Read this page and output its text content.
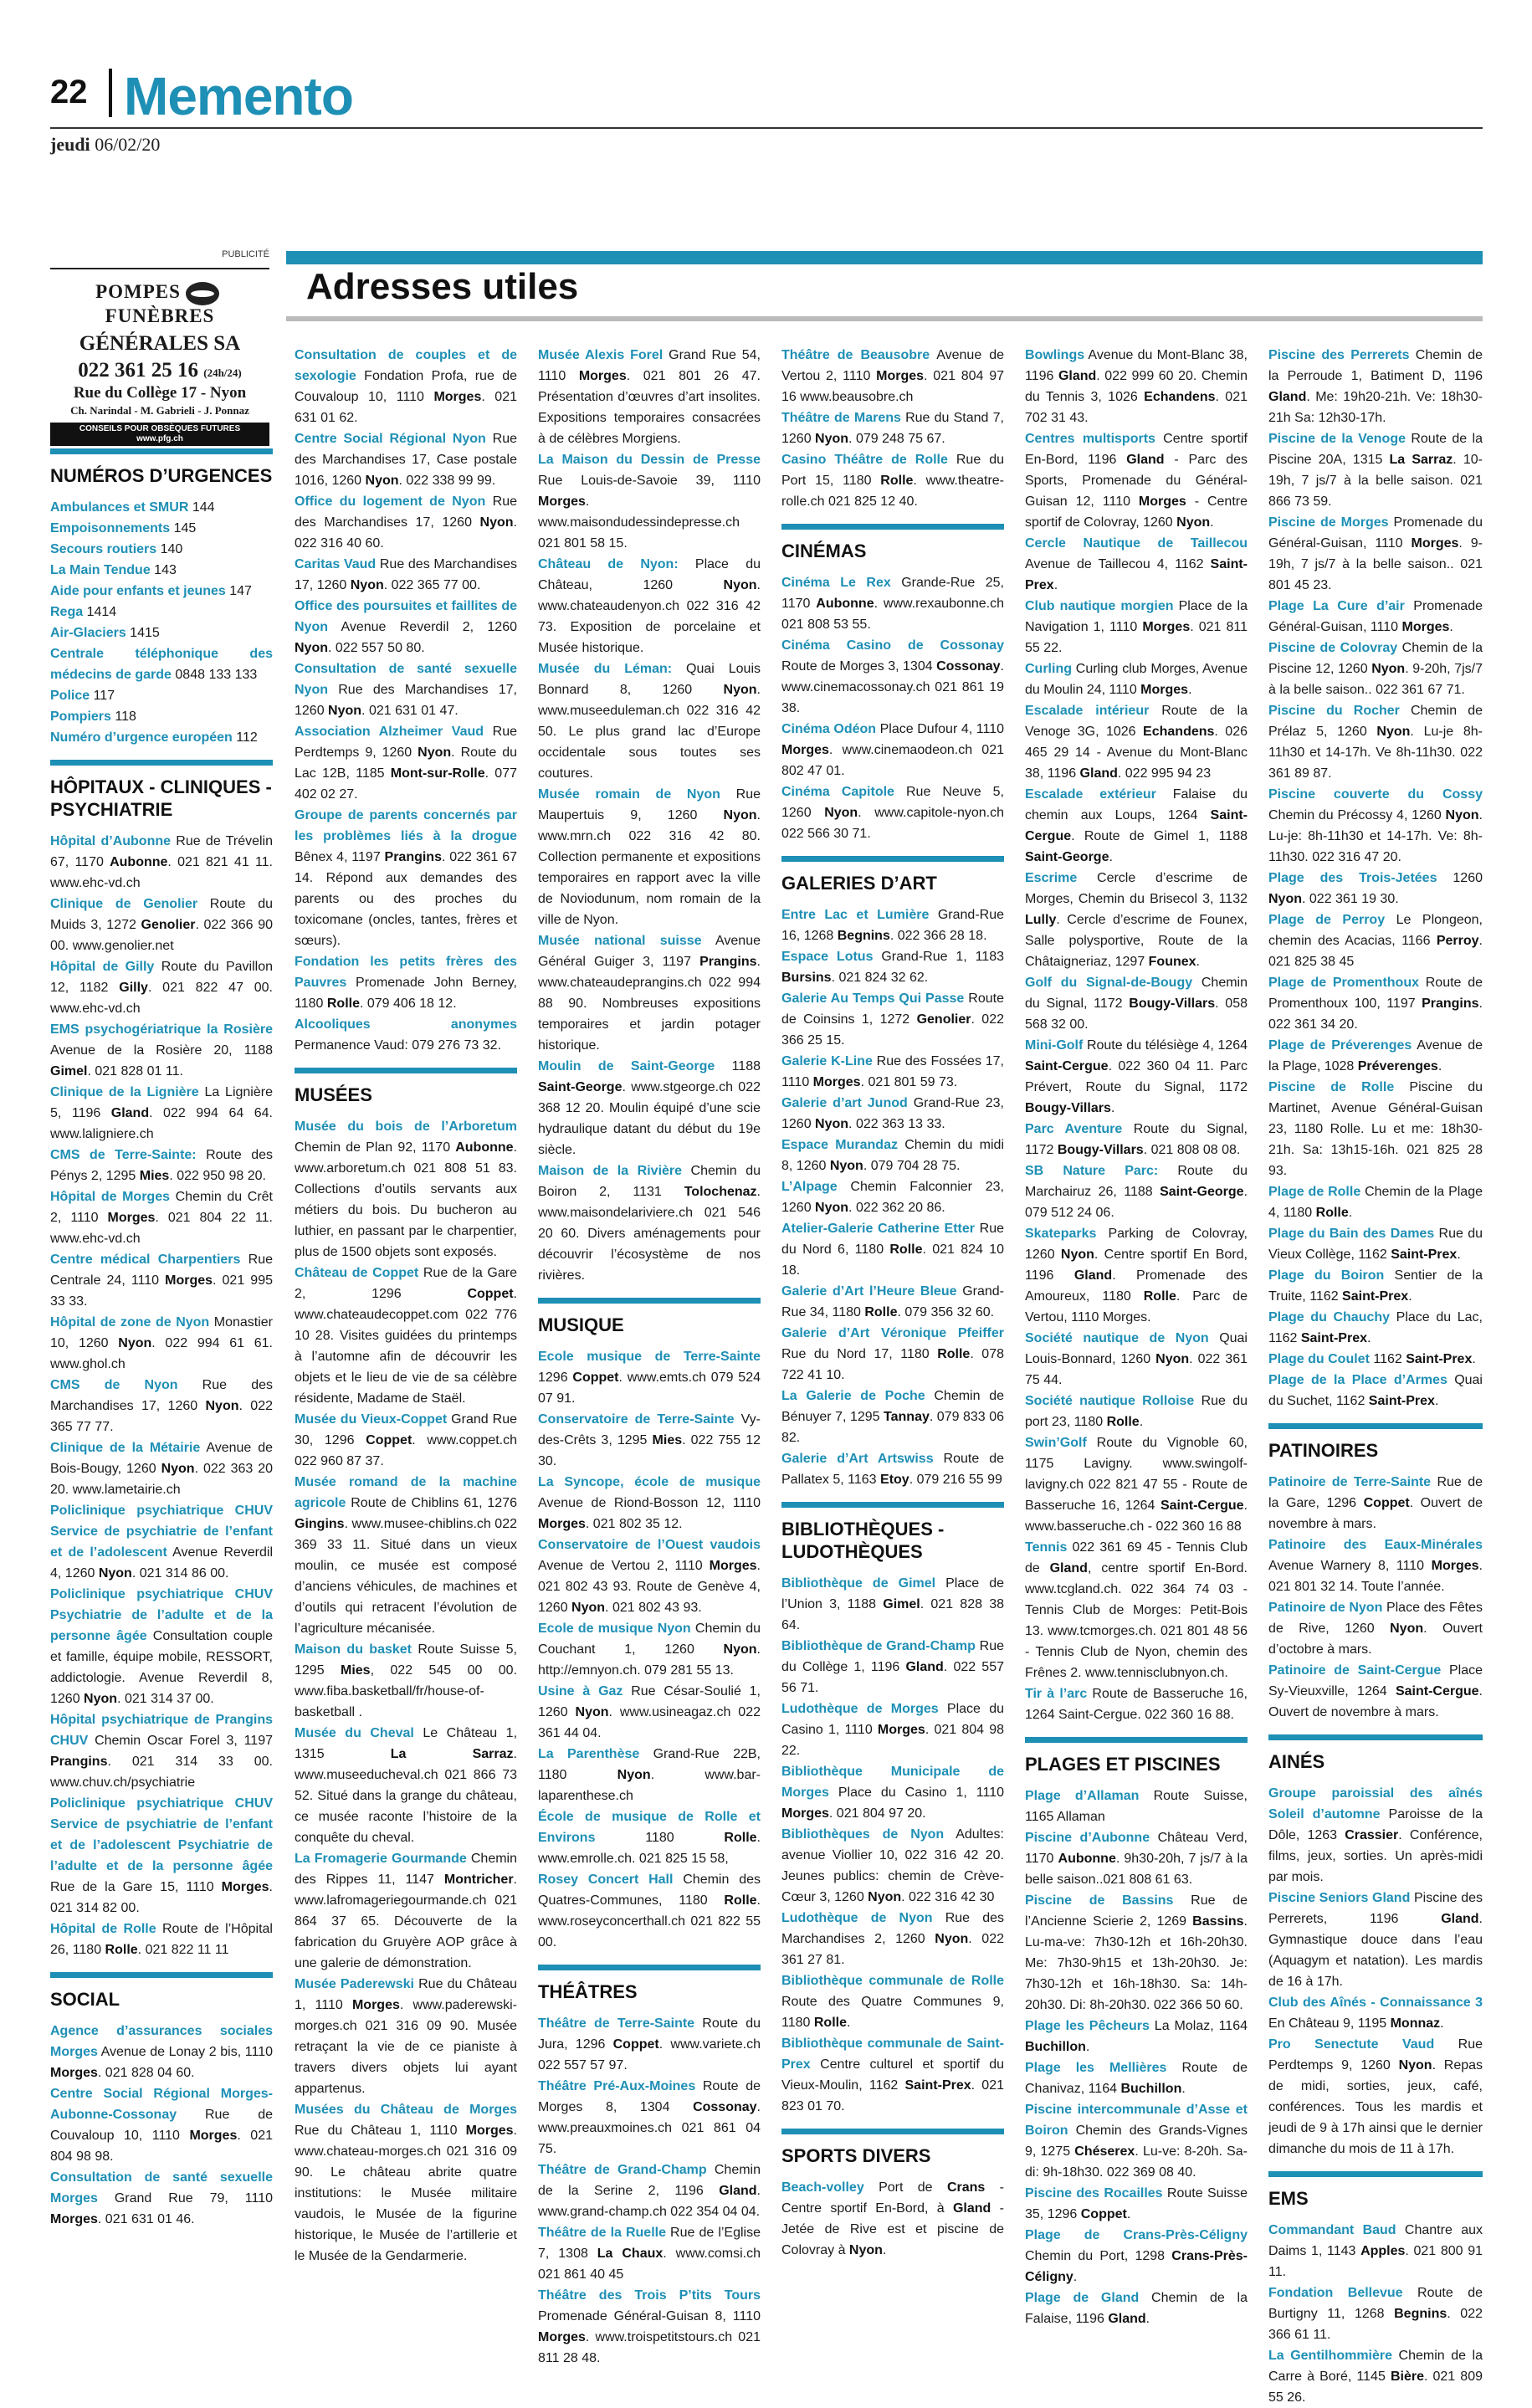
22 Memento
jeudi 06/02/20
PUBLICITÉ
POMPESFUNÈBRES
GÉNÉRALES SA
022 361 25 16 (24h/24)
Rue du Collège 17 - Nyon
Ch. Narindal - M. Gabrieli - J. Ponnaz
CONSEILS POUR OBSÈQUES FUTURES
www.pfg.ch
Adresses utiles
NUMÉROS D’URGENCES

Ambulances et SMUR 144

Empoisonnements 145

Secours routiers 140

La Main Tendue 143

Aide pour enfants et jeunes 147

Rega 1414

Air-Glaciers 1415

Centrale téléphonique des médecins de garde 0848 133 133

Police 117

Pompiers 118

Numéro d’urgence européen 112

HÔPITAUX - CLINIQUES - PSYCHIATRIE

Hôpital d’Aubonne Rue de Trévelin 67, 1170 Aubonne. 021 821 41 11. www.ehc-vd.ch

Clinique de Genolier Route du Muids 3, 1272 Genolier. 022 366 90 00. www.genolier.net

Hôpital de Gilly Route du Pavillon 12, 1182 Gilly. 021 822 47 00. www.ehc-vd.ch

EMS psychogériatrique la Rosière Avenue de la Rosière 20, 1188 Gimel. 021 828 01 11.

Clinique de la Lignière La Lignière 5, 1196 Gland. 022 994 64 64. www.laligniere.ch

CMS de Terre-Sainte: Route des Pénys 2, 1295 Mies. 022 950 98 20.

Hôpital de Morges Chemin du Crêt 2, 1110 Morges. 021 804 22 11. www.ehc-vd.ch

Centre médical Charpentiers Rue Centrale 24, 1110 Morges. 021 995 33 33.

Hôpital de zone de Nyon Monastier 10, 1260 Nyon. 022 994 61 61. www.ghol.ch

CMS de Nyon Rue des Marchandises 17, 1260 Nyon. 022 365 77 77.

Clinique de la Métairie Avenue de Bois-Bougy, 1260 Nyon. 022 363 20 20. www.lametairie.ch

Policlinique psychiatrique CHUV Service de psychiatrie de l’enfant et de l’adolescent Avenue Reverdil 4, 1260 Nyon. 021 314 86 00.

Policlinique psychiatrique CHUV Psychiatrie de l’adulte et de la personne âgée Consultation couple et famille, équipe mobile, RESSORT, addictologie. Avenue Reverdil 8, 1260 Nyon. 021 314 37 00.

Hôpital psychiatrique de Prangins CHUV Chemin Oscar Forel 3, 1197 Prangins. 021 314 33 00. www.chuv.ch/psychiatrie

Policlinique psychiatrique CHUV Service de psychiatrie de l’enfant et de l’adolescent Psychiatrie de l’adulte et de la personne âgée Rue de la Gare 15, 1110 Morges. 021 314 82 00.

Hôpital de Rolle Route de l’Hôpital 26, 1180 Rolle. 021 822 11 11

SOCIAL

Agence d’assurances sociales Morges Avenue de Lonay 2 bis, 1110 Morges. 021 828 04 60.

Centre Social Régional Morges-Aubonne-Cossonay Rue de Couvaloup 10, 1110 Morges. 021 804 98 98.

Consultation de santé sexuelle Morges Grand Rue 79, 1110 Morges. 021 631 01 46.

Consultation de couples et de sexologie Fondation Profa, rue de Couvaloup 10, 1110 Morges. 021 631 01 62.

Centre Social Régional Nyon Rue des Marchandises 17, Case postale 1016, 1260 Nyon. 022 338 99 99.

Office du logement de Nyon Rue des Marchandises 17, 1260 Nyon. 022 316 40 60.

Caritas Vaud Rue des Marchandises 17, 1260 Nyon. 022 365 77 00.

Office des poursuites et faillites de Nyon Avenue Reverdil 2, 1260 Nyon. 022 557 50 80.

Consultation de santé sexuelle Nyon Rue des Marchandises 17, 1260 Nyon. 021 631 01 47.

Association Alzheimer Vaud Rue Perdtemps 9, 1260 Nyon. Route du Lac 12B, 1185 Mont-sur-Rolle. 077 402 02 27.

Groupe de parents concernés par les problèmes liés à la drogue Bênex 4, 1197 Prangins. 022 361 67 14. Répond aux demandes des parents ou des proches du toxicomane (oncles, tantes, frères et sœurs).

Fondation les petits frères des Pauvres Promenade John Berney, 1180 Rolle. 079 406 18 12.

Alcooliques anonymes Permanence Vaud: 079 276 73 32.

MUSÉES

Musée du bois de l’Arboretum Chemin de Plan 92, 1170 Aubonne. www.arboretum.ch 021 808 51 83. Collections d’outils servants aux métiers du bois. Du bucheron au luthier, en passant par le charpentier, plus de 1500 objets sont exposés.

Château de Coppet Rue de la Gare 2, 1296 Coppet. www.chateaudecoppet.com 022 776 10 28. Visites guidées du printemps à l’automne afin de découvrir les objets et le lieu de vie de sa célèbre résidente, Madame de Staël.

Musée du Vieux-Coppet Grand Rue 30, 1296 Coppet. www.coppet.ch 022 960 87 37.

Musée romand de la machine agricole Route de Chiblins 61, 1276 Gingins. www.musee-chiblins.ch 022 369 33 11. Situé dans un vieux moulin, ce musée est composé d’anciens véhicules, de machines et d’outils qui retracent l’évolution de l’agriculture mécanisée.

Maison du basket Route Suisse 5, 1295 Mies, 022 545 00 00. www.fiba.basketball/fr/house-of-basketball .

Musée du Cheval Le Château 1, 1315 La Sarraz. www.museeducheval.ch 021 866 73 52. Situé dans la grange du château, ce musée raconte l’histoire de la conquête du cheval.

La Fromagerie Gourmande Chemin des Rippes 11, 1147 Montricher. www.lafromageriegourmande.ch 021 864 37 65. Découverte de la fabrication du Gruyère AOP grâce à une galerie de démonstration.

Musée Paderewski Rue du Château 1, 1110 Morges. www.paderewski-morges.ch 021 316 09 90. Musée retraçant la vie de ce pianiste à travers divers objets lui ayant appartenus.

Musées du Château de Morges Rue du Château 1, 1110 Morges. www.chateau-morges.ch 021 316 09 90. Le château abrite quatre institutions: le Musée militaire vaudois, le Musée de la figurine historique, le Musée de l’artillerie et le Musée de la Gendarmerie.

Musée Alexis Forel Grand Rue 54, 1110 Morges. 021 801 26 47. Présentation d’œuvres d’art insolites. Expositions temporaires consacrées à de célèbres Morgiens.

La Maison du Dessin de Presse Rue Louis-de-Savoie 39, 1110 Morges. www.maisondudessindepresse.ch 021 801 58 15.

Château de Nyon: Place du Château, 1260 Nyon. www.chateaudenyon.ch 022 316 42 73. Exposition de porcelaine et Musée historique.

Musée du Léman: Quai Louis Bonnard 8, 1260 Nyon. www.museeduleman.ch 022 316 42 50. Le plus grand lac d’Europe occidentale sous toutes ses coutures.

Musée romain de Nyon Rue Maupertuis 9, 1260 Nyon. www.mrn.ch 022 316 42 80. Collection permanente et expositions temporaires en rapport avec la ville de Noviodunum, nom romain de la ville de Nyon.

Musée national suisse Avenue Général Guiger 3, 1197 Prangins. www.chateaudeprangins.ch 022 994 88 90. Nombreuses expositions temporaires et jardin potager historique.

Moulin de Saint-George 1188 Saint-George. www.stgeorge.ch 022 368 12 20. Moulin équipé d’une scie hydraulique datant du début du 19e siècle.

Maison de la Rivière Chemin du Boiron 2, 1131 Tolochenaz. www.maisondelariviere.ch 021 546 20 60. Divers aménagements pour découvrir l’écosystème de nos rivières.

MUSIQUE

Ecole musique de Terre-Sainte 1296 Coppet. www.emts.ch 079 524 07 91.

Conservatoire de Terre-Sainte Vy-des-Crêts 3, 1295 Mies. 022 755 12 30.

La Syncope, école de musique Avenue de Riond-Bosson 12, 1110 Morges. 021 802 35 12.

Conservatoire de l’Ouest vaudois Avenue de Vertou 2, 1110 Morges. 021 802 43 93. Route de Genève 4, 1260 Nyon. 021 802 43 93.

Ecole de musique Nyon Chemin du Couchant 1, 1260 Nyon. http://emnyon.ch. 079 281 55 13.

Usine à Gaz Rue César-Soulié 1, 1260 Nyon. www.usineagaz.ch 022 361 44 04.

La Parenthèse Grand-Rue 22B, 1180 Nyon. www.bar-laparenthese.ch

École de musique de Rolle et Environs 1180 Rolle. www.emrolle.ch. 021 825 15 58,

Rosey Concert Hall Chemin des Quatres-Communes, 1180 Rolle. www.roseyconcerthall.ch 021 822 55 00.

THÉÂTRES

Théâtre de Terre-Sainte Route du Jura, 1296 Coppet. www.variete.ch 022 557 57 97.

Théâtre Pré-Aux-Moines Route de Morges 8, 1304 Cossonay. www.preauxmoines.ch 021 861 04 75.

Théâtre de Grand-Champ Chemin de la Serine 2, 1196 Gland. www.grand-champ.ch 022 354 04 04.

Théâtre de la Ruelle Rue de l’Eglise 7, 1308 La Chaux. www.comsi.ch 021 861 40 45

Théâtre des Trois P’tits Tours Promenade Général-Guisan 8, 1110 Morges. www.troispetitstours.ch 021 811 28 48.

Théâtre de Beausobre Avenue de Vertou 2, 1110 Morges. 021 804 97 16 www.beausobre.ch

Théâtre de Marens Rue du Stand 7, 1260 Nyon. 079 248 75 67.

Casino Théâtre de Rolle Rue du Port 15, 1180 Rolle. www.theatre-rolle.ch 021 825 12 40.

CINÉMAS

Cinéma Le Rex Grande-Rue 25, 1170 Aubonne. www.rexaubonne.ch 021 808 53 55.

Cinéma Casino de Cossonay Route de Morges 3, 1304 Cossonay. www.cinemacossonay.ch 021 861 19 38.

Cinéma Odéon Place Dufour 4, 1110 Morges. www.cinemaodeon.ch 021 802 47 01.

Cinéma Capitole Rue Neuve 5, 1260 Nyon. www.capitole-nyon.ch 022 566 30 71.

GALERIES D’ART

Entre Lac et Lumière Grand-Rue 16, 1268 Begnins. 022 366 28 18.

Espace Lotus Grand-Rue 1, 1183 Bursins. 021 824 32 62.

Galerie Au Temps Qui Passe Route de Coinsins 1, 1272 Genolier. 022 366 25 15.

Galerie K-Line Rue des Fossées 17, 1110 Morges. 021 801 59 73.

Galerie d’art Junod Grand-Rue 23, 1260 Nyon. 022 363 13 33.

Espace Murandaz Chemin du midi 8, 1260 Nyon. 079 704 28 75.

L’Alpage Chemin Falconnier 23, 1260 Nyon. 022 362 20 86.

Atelier-Galerie Catherine Etter Rue du Nord 6, 1180 Rolle. 021 824 10 18.

Galerie d’Art l’Heure Bleue Grand-Rue 34, 1180 Rolle. 079 356 32 60.

Galerie d’Art Véronique Pfeiffer Rue du Nord 17, 1180 Rolle. 078 722 41 10.

La Galerie de Poche Chemin de Bénuyer 7, 1295 Tannay. 079 833 06 82.

Galerie d’Art Artswiss Route de Pallatex 5, 1163 Etoy. 079 216 55 99

BIBLIOTHÈQUES - LUDOTHÈQUES

Bibliothèque de Gimel Place de l’Union 3, 1188 Gimel. 021 828 38 64.

Bibliothèque de Grand-Champ Rue du Collège 1, 1196 Gland. 022 557 56 71.

Ludothèque de Morges Place du Casino 1, 1110 Morges. 021 804 98 22.

Bibliothèque Municipale de Morges Place du Casino 1, 1110 Morges. 021 804 97 20.

Bibliothèques de Nyon Adultes: avenue Viollier 10, 022 316 42 20. Jeunes publics: chemin de Crève-Cœur 3, 1260 Nyon. 022 316 42 30

Ludothèque de Nyon Rue des Marchandises 2, 1260 Nyon. 022 361 27 81.

Bibliothèque communale de Rolle Route des Quatre Communes 9, 1180 Rolle.

Bibliothèque communale de Saint-Prex Centre culturel et sportif du Vieux-Moulin, 1162 Saint-Prex. 021 823 01 70.

SPORTS DIVERS

Beach-volley Port de Crans - Centre sportif En-Bord, à Gland - Jetée de Rive est et piscine de Colovray à Nyon.

Bowlings Avenue du Mont-Blanc 38, 1196 Gland. 022 999 60 20. Chemin du Tennis 3, 1026 Echandens. 021 702 31 43.

Centres multisports Centre sportif En-Bord, 1196 Gland - Parc des Sports, Promenade du Général-Guisan 12, 1110 Morges - Centre sportif de Colovray, 1260 Nyon.

Cercle Nautique de Taillecou Avenue de Taillecou 4, 1162 Saint-Prex.

Club nautique morgien Place de la Navigation 1, 1110 Morges. 021 811 55 22.

Curling Curling club Morges, Avenue du Moulin 24, 1110 Morges.

Escalade intérieur Route de la Venoge 3G, 1026 Echandens. 026 465 29 14 - Avenue du Mont-Blanc 38, 1196 Gland. 022 995 94 23

Escalade extérieur Falaise du chemin aux Loups, 1264 Saint-Cergue. Route de Gimel 1, 1188 Saint-George.

Escrime Cercle d’escrime de Morges, Chemin du Brisecol 3, 1132 Lully. Cercle d’escrime de Founex, Salle polysportive, Route de la Châtaigneriaz, 1297 Founex.

Golf du Signal-de-Bougy Chemin du Signal, 1172 Bougy-Villars. 058 568 32 00.

Mini-Golf Route du télésiège 4, 1264 Saint-Cergue. 022 360 04 11. Parc Prévert, Route du Signal, 1172 Bougy-Villars.

Parc Aventure Route du Signal, 1172 Bougy-Villars. 021 808 08 08.

SB Nature Parc: Route du Marchairuz 26, 1188 Saint-George. 079 512 24 06.

Skateparks Parking de Colovray, 1260 Nyon. Centre sportif En Bord, 1196 Gland. Promenade des Amoureux, 1180 Rolle. Parc de Vertou, 1110 Morges.

Société nautique de Nyon Quai Louis-Bonnard, 1260 Nyon. 022 361 75 44.

Société nautique Rolloise Rue du port 23, 1180 Rolle.

Swin’Golf Route du Vignoble 60, 1175 Lavigny. www.swingolf-lavigny.ch 022 821 47 55 - Route de Basseruche 16, 1264 Saint-Cergue. www.basseruche.ch - 022 360 16 88

Tennis 022 361 69 45 - Tennis Club de Gland, centre sportif En-Bord. www.tcgland.ch. 022 364 74 03 - Tennis Club de Morges: Petit-Bois 13. www.tcmorges.ch. 021 801 48 56 - Tennis Club de Nyon, chemin des Frênes 2. www.tennisclubnyon.ch.

Tir à l’arc Route de Basseruche 16, 1264 Saint-Cergue. 022 360 16 88.

PLAGES ET PISCINES

Plage d’Allaman Route Suisse, 1165 Allaman

Piscine d’Aubonne Château Verd, 1170 Aubonne. 9h30-20h, 7 js/7 à la belle saison..021 808 61 63.

Piscine de Bassins Rue de l’Ancienne Scierie 2, 1269 Bassins. Lu-ma-ve: 7h30-12h et 16h-20h30. Me: 7h30-9h15 et 13h-20h30. Je: 7h30-12h et 16h-18h30. Sa: 14h-20h30. Di: 8h-20h30. 022 366 50 60.

Plage les Pêcheurs La Molaz, 1164 Buchillon.

Plage les Mellières Route de Chanivaz, 1164 Buchillon.

Piscine intercommunale d’Asse et Boiron Chemin des Grands-Vignes 9, 1275 Chéserex. Lu-ve: 8-20h. Sa-di: 9h-18h30. 022 369 08 40.

Piscine des Rocailles Route Suisse 35, 1296 Coppet.

Plage de Crans-Près-Céligny Chemin du Port, 1298 Crans-Près-Céligny.

Plage de Gland Chemin de la Falaise, 1196 Gland.

Piscine des Perrerets Chemin de la Perroude 1, Batiment D, 1196 Gland. Me: 19h20-21h. Ve: 18h30-21h Sa: 12h30-17h.

Piscine de la Venoge Route de la Piscine 20A, 1315 La Sarraz. 10-19h, 7 js/7 à la belle saison. 021 866 73 59.

Piscine de Morges Promenade du Général-Guisan, 1110 Morges. 9-19h, 7 js/7 à la belle saison.. 021 801 45 23.

Plage La Cure d’air Promenade Général-Guisan, 1110 Morges.

Piscine de Colovray Chemin de la Piscine 12, 1260 Nyon. 9-20h, 7js/7 à la belle saison.. 022 361 67 71.

Piscine du Rocher Chemin de Prélaz 5, 1260 Nyon. Lu-je 8h-11h30 et 14-17h. Ve 8h-11h30. 022 361 89 87.

Piscine couverte du Cossy Chemin du Précossy 4, 1260 Nyon. Lu-je: 8h-11h30 et 14-17h. Ve: 8h-11h30. 022 316 47 20.

Plage des Trois-Jetées 1260 Nyon. 022 361 19 30.

Plage de Perroy Le Plongeon, chemin des Acacias, 1166 Perroy. 021 825 38 45

Plage de Promenthoux Route de Promenthoux 100, 1197 Prangins. 022 361 34 20.

Plage de Préverenges Avenue de la Plage, 1028 Préverenges.

Piscine de Rolle Piscine du Martinet, Avenue Général-Guisan 23, 1180 Rolle. Lu et me: 18h30-21h. Sa: 13h15-16h. 021 825 28 93.

Plage de Rolle Chemin de la Plage 4, 1180 Rolle.

Plage du Bain des Dames Rue du Vieux Collège, 1162 Saint-Prex.

Plage du Boiron Sentier de la Truite, 1162 Saint-Prex.

Plage du Chauchy Place du Lac, 1162 Saint-Prex.

Plage du Coulet 1162 Saint-Prex.

Plage de la Place d’Armes Quai du Suchet, 1162 Saint-Prex.

PATINOIRES

Patinoire de Terre-Sainte Rue de la Gare, 1296 Coppet. Ouvert de novembre à mars.

Patinoire des Eaux-Minérales Avenue Warnery 8, 1110 Morges. 021 801 32 14. Toute l’année.

Patinoire de Nyon Place des Fêtes de Rive, 1260 Nyon. Ouvert d’octobre à mars.

Patinoire de Saint-Cergue Place Sy-Vieuxville, 1264 Saint-Cergue. Ouvert de novembre à mars.

AINÉS

Groupe paroissial des aînés Soleil d’automne Paroisse de la Dôle, 1263 Crassier. Conférence, films, jeux, sorties. Un après-midi par mois.

Piscine Seniors Gland Piscine des Perrerets, 1196 Gland. Gymnastique douce dans l’eau (Aquagym et natation). Les mardis de 16 à 17h.

Club des Aînés - Connaissance 3 En Château 9, 1195 Monnaz.

Pro Senectute Vaud Rue Perdtemps 9, 1260 Nyon. Repas de midi, sorties, jeux, café, conférences. Tous les mardis et jeudi de 9 à 17h ainsi que le dernier dimanche du mois de 11 à 17h.

EMS

Commandant Baud Chantre aux Daims 1, 1143 Apples. 021 800 91 11.

Fondation Bellevue Route de Burtigny 11, 1268 Begnins. 022 366 61 11.

La Gentilhommière Chemin de la Carre à Boré, 1145 Bière. 021 809 55 26.
